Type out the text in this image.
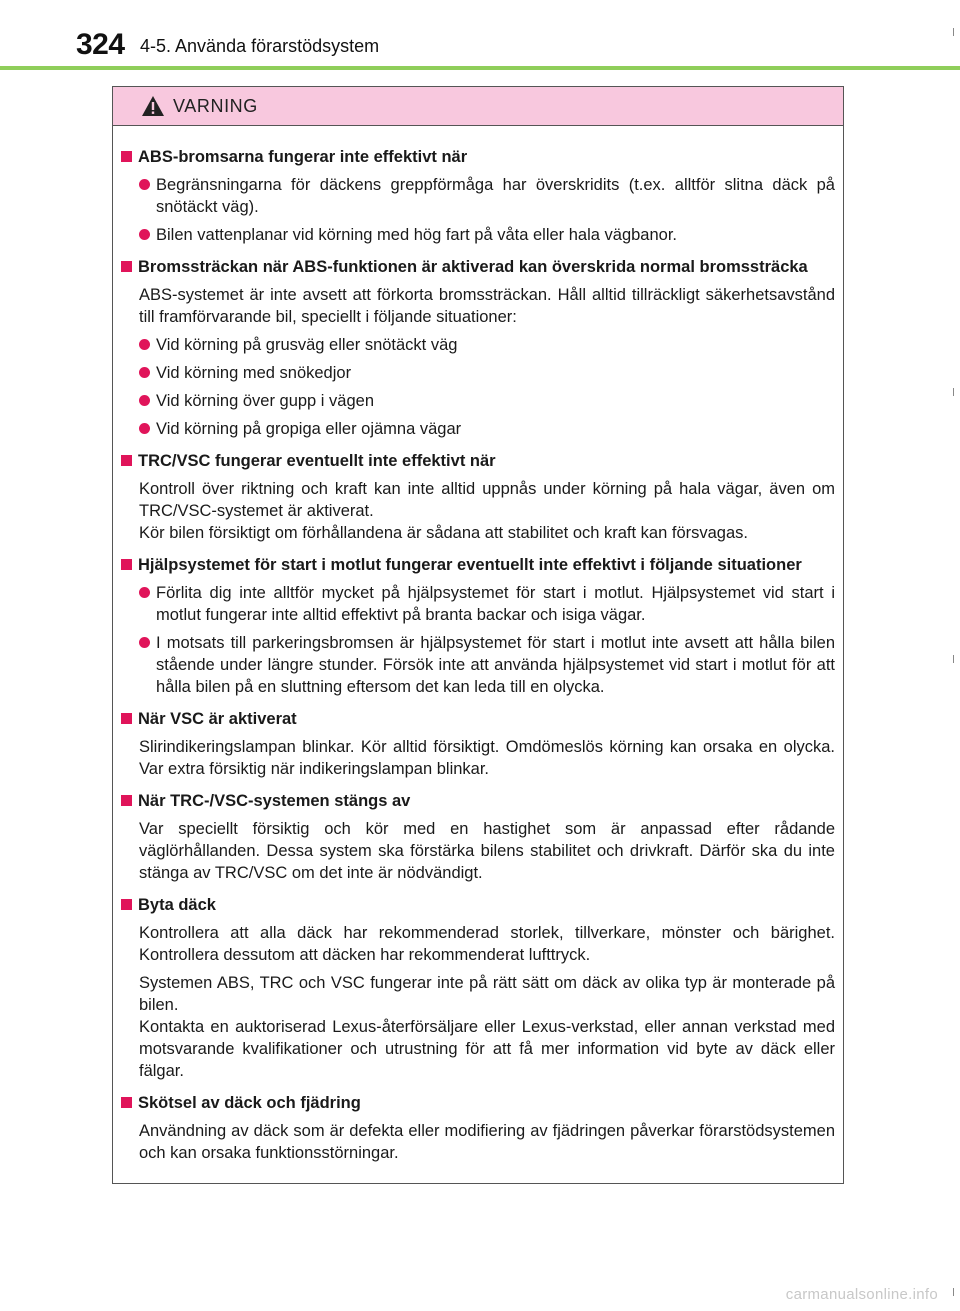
324 4-5. Använda förarstödsystem
VARNING
ABS-bromsarna fungerar inte effektivt när
Begränsningarna för däckens greppförmåga har överskridits (t.ex. alltför slitna däck på snötäckt väg).
Bilen vattenplanar vid körning med hög fart på våta eller hala vägbanor.
Bromssträckan när ABS-funktionen är aktiverad kan överskrida normal bromssträcka
ABS-systemet är inte avsett att förkorta bromssträckan. Håll alltid tillräckligt säkerhetsavstånd till framförvarande bil, speciellt i följande situationer:
Vid körning på grusväg eller snötäckt väg
Vid körning med snökedjor
Vid körning över gupp i vägen
Vid körning på gropiga eller ojämna vägar
TRC/VSC fungerar eventuellt inte effektivt när
Kontroll över riktning och kraft kan inte alltid uppnås under körning på hala vägar, även om TRC/VSC-systemet är aktiverat.
Kör bilen försiktigt om förhållandena är sådana att stabilitet och kraft kan försvagas.
Hjälpsystemet för start i motlut fungerar eventuellt inte effektivt i följande situationer
Förlita dig inte alltför mycket på hjälpsystemet för start i motlut. Hjälpsystemet vid start i motlut fungerar inte alltid effektivt på branta backar och isiga vägar.
I motsats till parkeringsbromsen är hjälpsystemet för start i motlut inte avsett att hålla bilen stående under längre stunder. Försök inte att använda hjälpsystemet vid start i motlut för att hålla bilen på en sluttning eftersom det kan leda till en olycka.
När VSC är aktiverat
Slirindikeringslampan blinkar. Kör alltid försiktigt. Omdömeslös körning kan orsaka en olycka. Var extra försiktig när indikeringslampan blinkar.
När TRC-/VSC-systemen stängs av
Var speciellt försiktig och kör med en hastighet som är anpassad efter rådande väglörhållanden. Dessa system ska förstärka bilens stabilitet och drivkraft. Därför ska du inte stänga av TRC/VSC om det inte är nödvändigt.
Byta däck
Kontrollera att alla däck har rekommenderad storlek, tillverkare, mönster och bärighet. Kontrollera dessutom att däcken har rekommenderat lufttryck.
Systemen ABS, TRC och VSC fungerar inte på rätt sätt om däck av olika typ är monterade på bilen.
Kontakta en auktoriserad Lexus-återförsäljare eller Lexus-verkstad, eller annan verkstad med motsvarande kvalifikationer och utrustning för att få mer information vid byte av däck eller fälgar.
Skötsel av däck och fjädring
Användning av däck som är defekta eller modifiering av fjädringen påverkar förarstödsystemen och kan orsaka funktionsstörningar.
carmanualsonline.info
